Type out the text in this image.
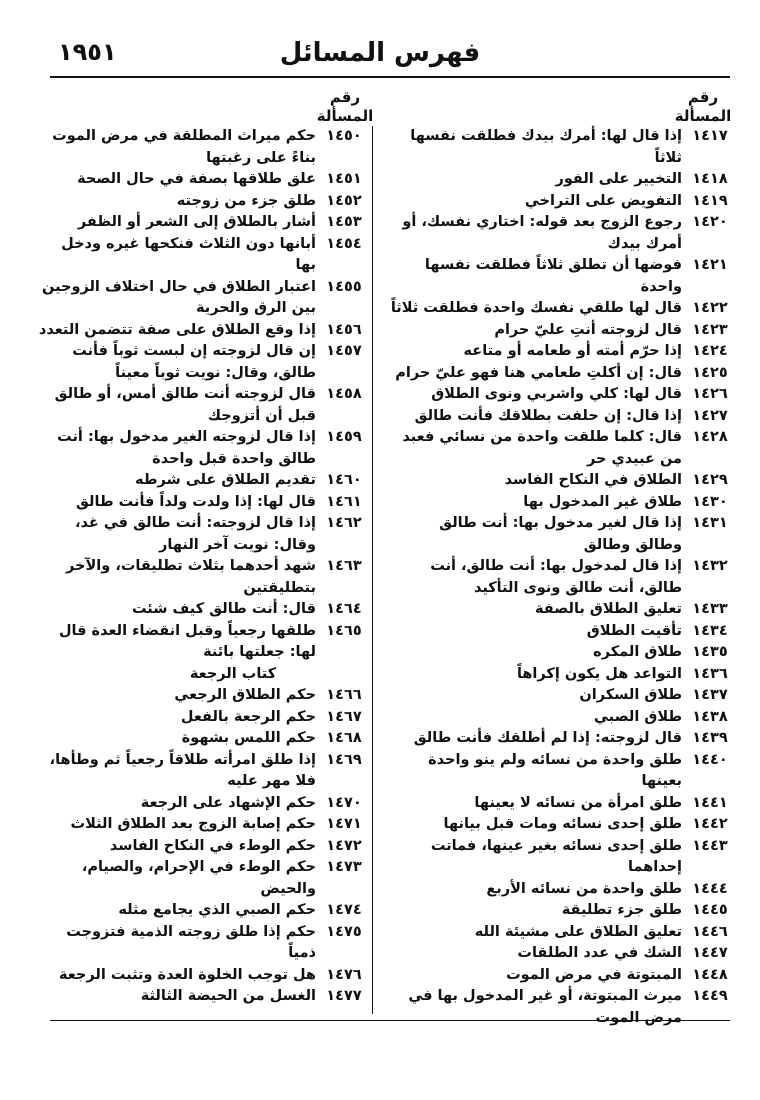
فهرس المسائل
١٩٥١
رقم المسألة
رقم المسألة
١٤١٧
إذا قال لها: أمرك بيدك فطلقت نفسها ثلاثاً
١٤١٨
التخيير على الفور
١٤١٩
التفويض على التراخي
١٤٢٠
رجوع الزوج بعد قوله: اختاري نفسك، أو أمرك بيدك
١٤٢١
فوضها أن تطلق ثلاثاً فطلقت نفسها واحدة
١٤٢٢
قال لها طلقي نفسك واحدة فطلقت ثلاثاً
١٤٢٣
قال لزوجته أنتِ عليّ حرام
١٤٢٤
إذا حرّم أمته أو طعامه أو متاعه
١٤٢٥
قال: إن أكلتِ طعامي هنا فهو عليّ حرام
١٤٢٦
قال لها: كلي واشربي ونوى الطلاق
١٤٢٧
إذا قال: إن حلفت بطلاقك فأنت طالق
١٤٢٨
قال: كلما طلقت واحدة من نسائي فعبد من عبيدي حر
١٤٢٩
الطلاق في النكاح الفاسد
١٤٣٠
طلاق غير المدخول بها
١٤٣١
إذا قال لغير مدخول بها: أنت طالق وطالق وطالق
١٤٣٢
إذا قال لمدخول بها: أنت طالق، أنت طالق، أنت طالق ونوى التأكيد
١٤٣٣
تعليق الطلاق بالصفة
١٤٣٤
تأقيت الطلاق
١٤٣٥
طلاق المكره
١٤٣٦
التواعد هل يكون إكراهاً
١٤٣٧
طلاق السكران
١٤٣٨
طلاق الصبي
١٤٣٩
قال لزوجته: إذا لم أطلقك فأنت طالق
١٤٤٠
طلق واحدة من نسائه ولم ينو واحدة بعينها
١٤٤١
طلق امرأة من نسائه لا يعينها
١٤٤٢
طلق إحدى نسائه ومات قبل بيانها
١٤٤٣
طلق إحدى نسائه بغير عينها، فماتت إحداهما
١٤٤٤
طلق واحدة من نسائه الأربع
١٤٤٥
طلق جزء تطليقة
١٤٤٦
تعليق الطلاق على مشيئة الله
١٤٤٧
الشك في عدد الطلقات
١٤٤٨
المبتوتة في مرض الموت
١٤٤٩
ميرث المبتوتة، أو غير المدخول بها في مرض الموت
١٤٥٠
حكم ميراث المطلقة في مرض الموت بناءً على رغبتها
١٤٥١
علق طلاقها بصفة في حال الصحة
١٤٥٢
طلق جزء من زوجته
١٤٥٣
أشار بالطلاق إلى الشعر أو الظفر
١٤٥٤
أبانها دون الثلاث فنكحها غيره ودخل بها
١٤٥٥
اعتبار الطلاق في حال اختلاف الزوجين بين الرق والحرية
١٤٥٦
إذا وقع الطلاق على صفة تتضمن التعدد
١٤٥٧
إن قال لزوجته إن لبست ثوباً فأنت طالق، وقال: نويت ثوباً معيناً
١٤٥٨
قال لزوجته أنت طالق أمس، أو طالق قبل أن أتزوجك
١٤٥٩
إذا قال لزوجته الغير مدخول بها: أنت طالق واحدة قبل واحدة
١٤٦٠
تقديم الطلاق على شرطه
١٤٦١
قال لها: إذا ولدت ولداً فأنت طالق
١٤٦٢
إذا قال لزوجته: أنت طالق في غد، وقال: نويت آخر النهار
١٤٦٣
شهد أحدهما بثلاث تطليقات، والآخر بتطليقتين
١٤٦٤
قال: أنت طالق كيف شئت
١٤٦٥
طلقها رجعياً وقبل انقضاء العدة قال لها: جعلتها بائنة
كتاب الرجعة
١٤٦٦
حكم الطلاق الرجعي
١٤٦٧
حكم الرجعة بالفعل
١٤٦٨
حكم اللمس بشهوة
١٤٦٩
إذا طلق امرأته طلاقاً رجعياً ثم وطأها، فلا مهر عليه
١٤٧٠
حكم الإشهاد على الرجعة
١٤٧١
حكم إصابة الزوج بعد الطلاق الثلاث
١٤٧٢
حكم الوطء في النكاح الفاسد
١٤٧٣
حكم الوطء في الإحرام، والصيام، والحيض
١٤٧٤
حكم الصبي الذي يجامع مثله
١٤٧٥
حكم إذا طلق زوجته الذمية فتزوجت ذمياً
١٤٧٦
هل توجب الخلوة العدة وتثبت الرجعة
١٤٧٧
الغسل من الحيضة الثالثة
